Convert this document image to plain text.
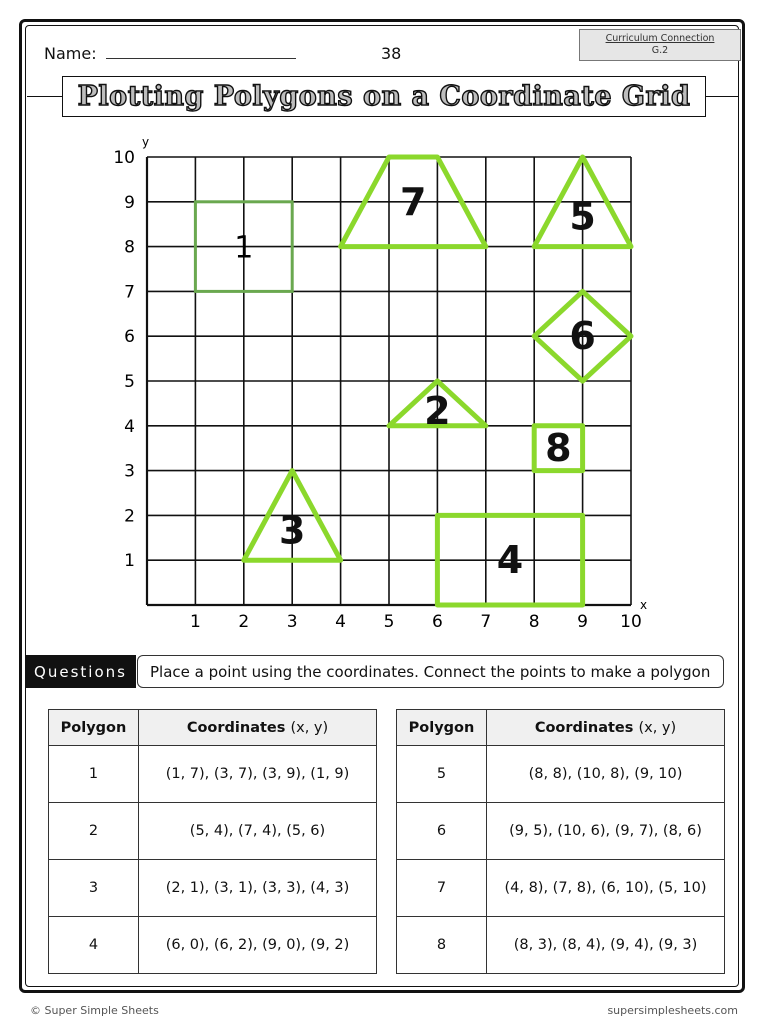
Name:	38
Curriculum Connection
G.2
Plotting Polygons on a Coordinate Grid
1 2 3 4 5 6 7 8 9 10
1
2
3
4
5
6
7
8
9
10
x
y
1
7	5
6
2
8
3
4
Questions	Place a point using the coordinates. Connect the points to make a polygon
Polygon	Coordinates (x, y)
1	(1, 7), (3, 7), (3, 9), (1, 9)
2	(5, 4), (7, 4), (5, 6)
3	(2, 1), (3, 1), (3, 3), (4, 3)
4	(6, 0), (6, 2), (9, 0), (9, 2)
Polygon	Coordinates (x, y)
5	(8, 8), (10, 8), (9, 10)
6	(9, 5), (10, 6), (9, 7), (8, 6)
7	(4, 8), (7, 8), (6, 10), (5, 10)
8	(8, 3), (8, 4), (9, 4), (9, 3)
© Super Simple Sheets	supersimplesheets.com
